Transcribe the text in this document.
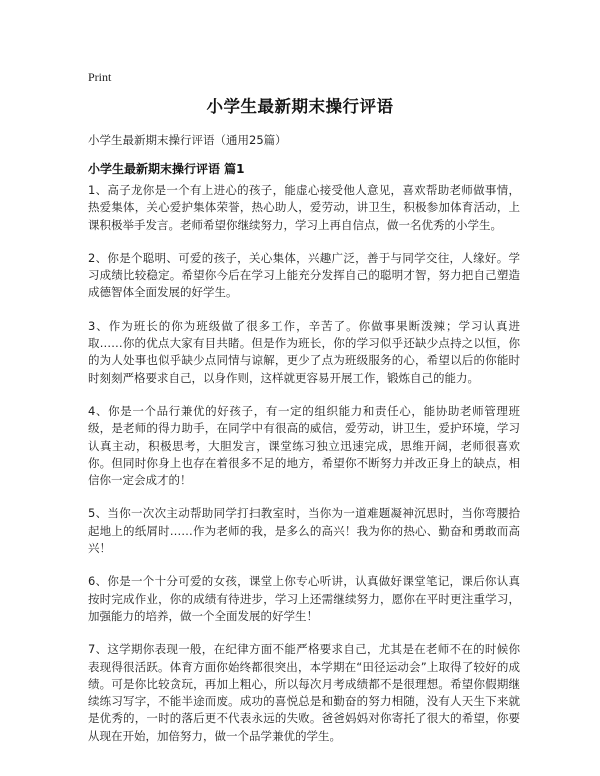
Print
小学生最新期末操行评语
小学生最新期末操行评语（通用25篇）
小学生最新期末操行评语 篇1

1、高子龙你是一个有上进心的孩子，能虚心接受他人意见，喜欢帮助老师做事情，热爱集体，关心爱护集体荣誉，热心助人，爱劳动，讲卫生，积极参加体育活动，上课积极举手发言。老师希望你继续努力，学习上再自信点，做一名优秀的小学生。

2、你是个聪明、可爱的孩子，关心集体，兴趣广泛，善于与同学交往，人缘好。学习成绩比较稳定。希望你今后在学习上能充分发挥自己的聪明才智，努力把自己塑造成德智体全面发展的好学生。

3、作为班长的你为班级做了很多工作，辛苦了。你做事果断泼辣；学习认真进取……你的优点大家有目共睹。但是作为班长，你的学习似乎还缺少点持之以恒，你的为人处事也似乎缺少点同情与谅解，更少了点为班级服务的心，希望以后的你能时时刻刻严格要求自己，以身作则，这样就更容易开展工作，锻炼自己的能力。

4、你是一个品行兼优的好孩子，有一定的组织能力和责任心，能协助老师管理班级，是老师的得力助手，在同学中有很高的威信，爱劳动，讲卫生，爱护环境，学习认真主动，积极思考，大胆发言，课堂练习独立迅速完成，思维开阔，老师很喜欢你。但同时你身上也存在着很多不足的地方，希望你不断努力并改正身上的缺点，相信你一定会成才的！

5、当你一次次主动帮助同学打扫教室时，当你为一道难题凝神沉思时，当你弯腰拾起地上的纸屑时……作为老师的我，是多么的高兴！我为你的热心、勤奋和勇敢而高兴！

6、你是一个十分可爱的女孩，课堂上你专心听讲，认真做好课堂笔记，课后你认真按时完成作业，你的成绩有待进步，学习上还需继续努力，愿你在平时更注重学习，加强能力的培养，做一个全面发展的好学生！

7、这学期你表现一般，在纪律方面不能严格要求自己，尤其是在老师不在的时候你表现得很活跃。体育方面你始终都很突出，本学期在“田径运动会”上取得了较好的成绩。可是你比较贪玩，再加上粗心，所以每次月考成绩都不是很理想。希望你假期继续练习写字，不能半途而废。成功的喜悦总是和勤奋的努力相随，没有人天生下来就是优秀的，一时的落后更不代表永远的失败。爸爸妈妈对你寄托了很大的希望，你要从现在开始，加倍努力，做一个品学兼优的学生。
